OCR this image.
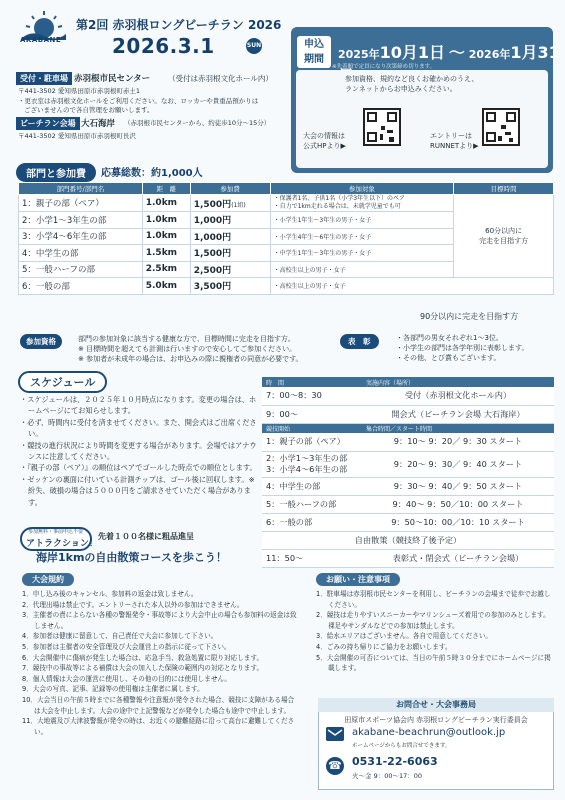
AKABANE
第2回 赤羽根ロングビーチラン 2026
2026.3.1	SUN	申込
期間	2025年10月1日 〜 2026年1月31
※先着順で定員になり次第締め切ります。
参加資格、規約など良くお確かめのうえ、
ランネットからお申込みください。
大会の情報は
公式HPより▶
エントリーは
RUNNETより▶
受付・駐車場 赤羽根市民センター （受付は赤羽根文化ホール内）
〒441-3502 愛知県田原市赤羽根町赤土1
・更衣室は赤羽根文化ホールをご利用ください。なお、ロッカーや貴重品預かりは
ございませんので各自管理をお願いします。
ビーチラン会場 大石海岸 （赤羽根市民センターから、約徒歩10分〜15分）
〒441-3502 愛知県田原市赤羽根町長沢
部門と参加費	応募総数：約1,000人
部門番号/部門名	距　離	参加費	参加対象	目標時間
1：親子の部（ペア）	1.0km	1,500円(1組)	・保護者1名、子供1名（小学3年生以下）のペア
・自力で1km走れる場合は、未就学児童でも可	60分以内に
完走を目指す方
2：小学1〜3年生の部	1.0km	1,000円	・小学生1年生〜3年生の男子・女子	
3：小学4〜6年生の部	1.0km	1,000円	・小学生4年生〜6年生の男子・女子	
4：中学生の部	1.5km	1,500円	・中学生1年生〜3年生の男子・女子	
5：一般ハーフの部	2.5km	2,500円	・高校生以上の男子・女子	
6：一般の部	5.0km	3,500円	・高校生以上の男子・女子	
90分以内に完走を目指す方
参加資格	部門の参加対象に該当する健康な方で、目標時間に完走を目指す方。
※ 目標時間を超えても計測は行いますので安心してご参加ください。
※ 参加者が未成年の場合は、お申込みの際に親権者の同意が必要です。
表　彰	・各部門の男女それぞれ1〜3位。
・小学生の部門は各学年別に表彰します。
・その他、とび賞もございます。
スケジュール
・スケジュールは、２０２５年１０月時点になります。変更の場合は、ホームページにてお知らせします。
・必ず、時間内に受付を済ませてください。また、開会式はご出席ください。
・競技の進行状況により時間を変更する場合があります。会場ではアナウンスに注意してください。
・『親子の部（ペア）』の順位はペアでゴールした時点での順位とします。
・ゼッケンの裏面に付いている計測チップは、ゴール後に回収します。※ 紛失、破損の場合は５０００円をご請求させていただく場合があります。
参加無料・事前申込不要
アトラクション！
先着１００名様に粗品進呈
海岸1kmの自由散策コースを歩こう！
時　間	実施内容（場所）
7：00〜8：30	受付（赤羽根文化ホール内）
9：00〜	開会式（ビーチラン会場 大石海岸）
競技開始	集合時間／スタート時間
1：親子の部（ペア）	9：10〜 9：20／ 9：30 スタート
2：小学1〜3年生の部
3：小学4〜6年生の部	9：20〜 9：30／ 9：40 スタート
4：中学生の部	9：30〜 9：40／ 9：50 スタート
5：一般ハーフの部	9：40〜 9：50／10：00 スタート
6：一般の部	9：50〜10：00／10：10 スタート
自由散策（競技終了後予定）	
11：50〜	表彰式・閉会式（ビーチラン会場）
大会規約
1．申し込み後のキャンセル、参加料の返金は致しません。
2．代理出場は禁止です。エントリーされた本人以外の参加はできません。
3．主催者の責によらない各種の警報発令・事故等により大会中止の場合も参加料の返金は致しません。
4．参加者は健康に留意して、自己責任で大会に参加して下さい。
5．参加者は主催者の安全管理及び大会運営上の指示に従って下さい。
6．大会開催中に傷病が発生した場合は、応急手当、救急処置に限り対応します。
7．競技中の事故等による補償は大会の加入した保険の範囲内の対応となります。
8．個人情報は大会の運営に使用し、その他の目的には使用しません。
9．大会の写真、記事、記録等の使用権は主催者に属します。
10．大会当日の午前５時までに各種警報や注意報が発令された場合、競技に支障がある場合は大会を中止します。大会の途中で上記警報などが発令した場合も途中で中止します。
11．大地震及び大津波警報が発令の時は、お近くの避難経路に沿って高台に避難してください。
お願い・注意事項
1．駐車場は赤羽根市民センターを利用し、ビーチランの会場まで徒歩でお越しください。
2．競技は走りやすいスニーカーやマリンシューズ着用での参加のみとします。裸足やサンダルなどでの参加は禁止します。
3．給水エリアはございません。各自で用意してください。
4．ごみの持ち帰りにご協力をお願いします。
5．大会開催の可否については、当日の午前５時３０分までにホームページに掲載します。
お問合せ・大会事務局
田原市スポーツ協会内 赤羽根ロングビーチラン実行委員会
akabane-beachrun@outlook.jp
ホームページからもお問合せできます。
☎ 0531-22-6063
火〜金 9：00〜17：00
